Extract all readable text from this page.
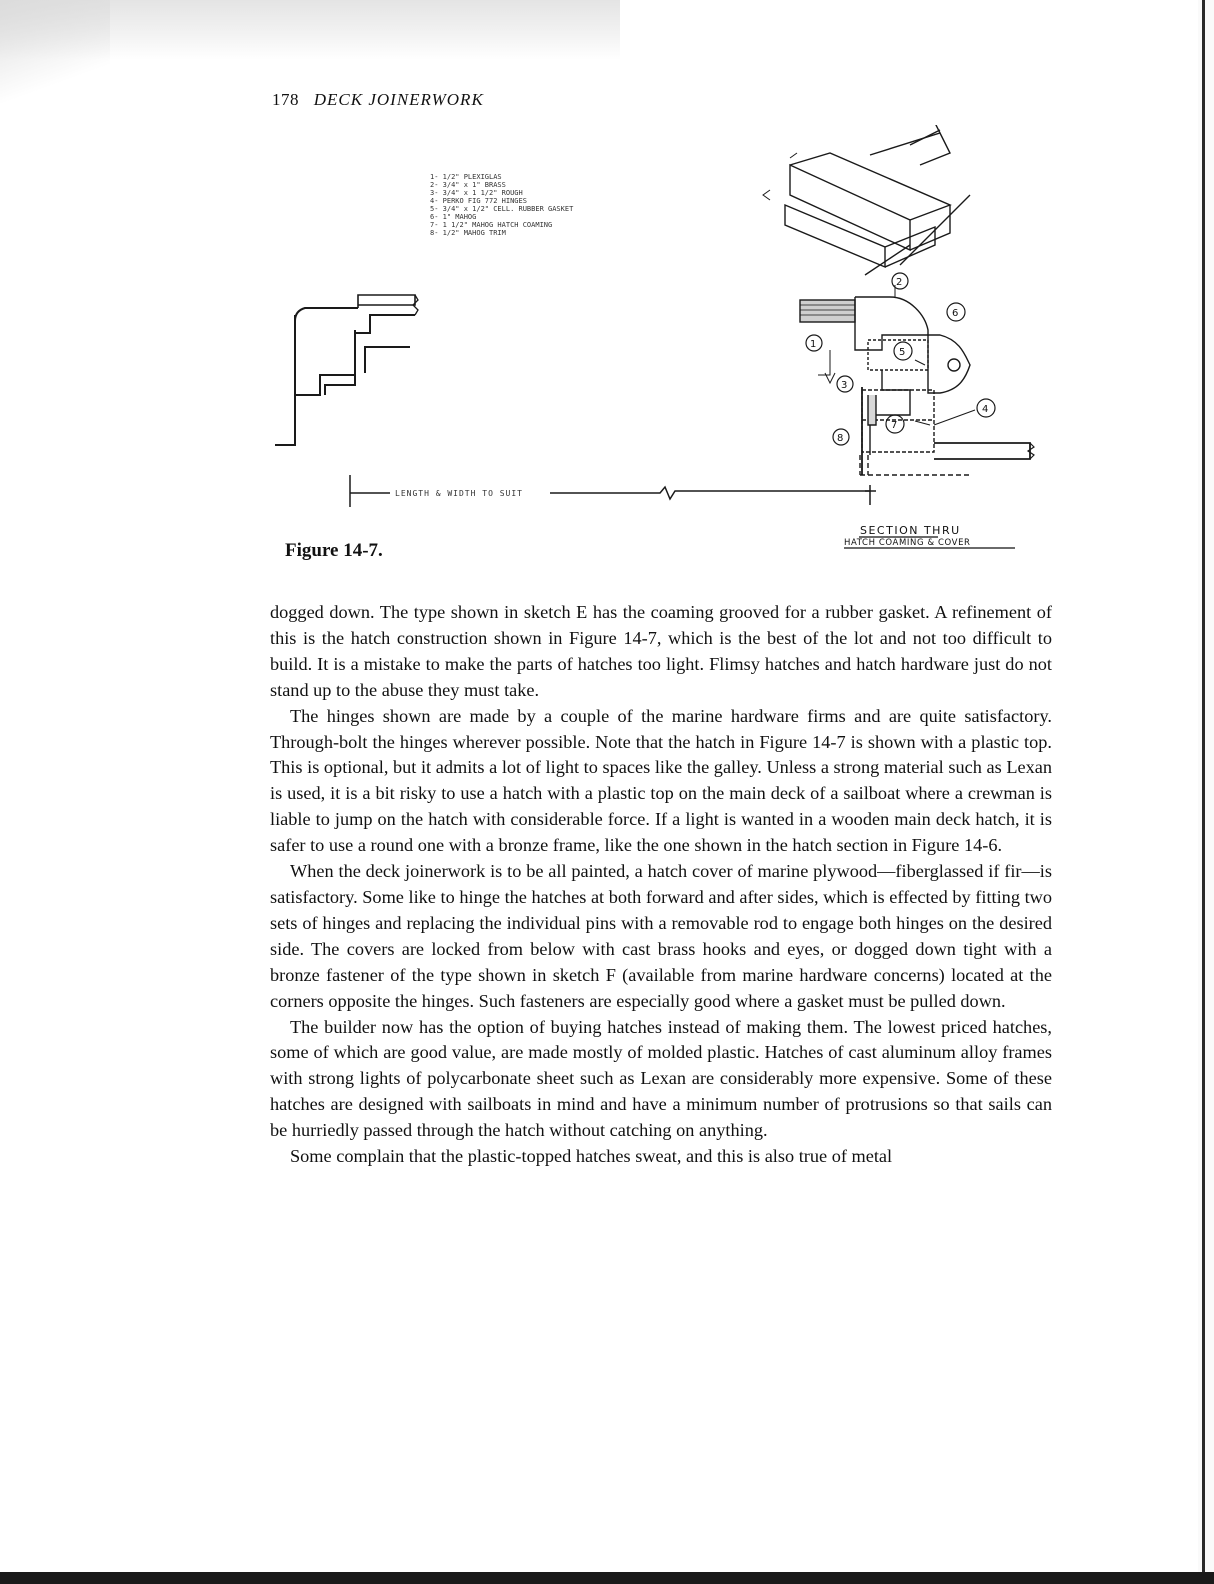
178 DECK JOINERWORK
1- 1/2" PLEXIGLAS
2- 3/4" x 1" BRASS
3- 3/4" x 1 1/2" ROUGH
4- PERKO FIG 772 HINGES
5- 3/4" x 1/2" CELL. RUBBER GASKET
6- 1" MAHOG
7- 1 1/2" MAHOG HATCH COAMING
8- 1/2" MAHOG TRIM
LENGTH & WIDTH TO SUIT
2
6
1
5
3
4
7
8
SECTION THRU
HATCH COAMING & COVER
Figure 14-7.

dogged down. The type shown in sketch E has the coaming grooved for a rubber gasket. A refinement of this is the hatch construction shown in Figure 14-7, which is the best of the lot and not too difficult to build. It is a mistake to make the parts of hatches too light. Flimsy hatches and hatch hardware just do not stand up to the abuse they must take.

The hinges shown are made by a couple of the marine hardware firms and are quite satisfactory. Through-bolt the hinges wherever possible. Note that the hatch in Figure 14-7 is shown with a plastic top. This is optional, but it admits a lot of light to spaces like the galley. Unless a strong material such as Lexan is used, it is a bit risky to use a hatch with a plastic top on the main deck of a sailboat where a crewman is liable to jump on the hatch with considerable force. If a light is wanted in a wooden main deck hatch, it is safer to use a round one with a bronze frame, like the one shown in the hatch section in Figure 14-6.

When the deck joinerwork is to be all painted, a hatch cover of marine plywood—fiberglassed if fir—is satisfactory. Some like to hinge the hatches at both forward and after sides, which is effected by fitting two sets of hinges and replacing the individual pins with a removable rod to engage both hinges on the desired side. The covers are locked from below with cast brass hooks and eyes, or dogged down tight with a bronze fastener of the type shown in sketch F (available from marine hardware concerns) located at the corners opposite the hinges. Such fasteners are especially good where a gasket must be pulled down.

The builder now has the option of buying hatches instead of making them. The lowest priced hatches, some of which are good value, are made mostly of molded plastic. Hatches of cast aluminum alloy frames with strong lights of polycarbonate sheet such as Lexan are considerably more expensive. Some of these hatches are designed with sailboats in mind and have a minimum number of protrusions so that sails can be hurriedly passed through the hatch without catching on anything.

Some complain that the plastic-topped hatches sweat, and this is also true of metal
